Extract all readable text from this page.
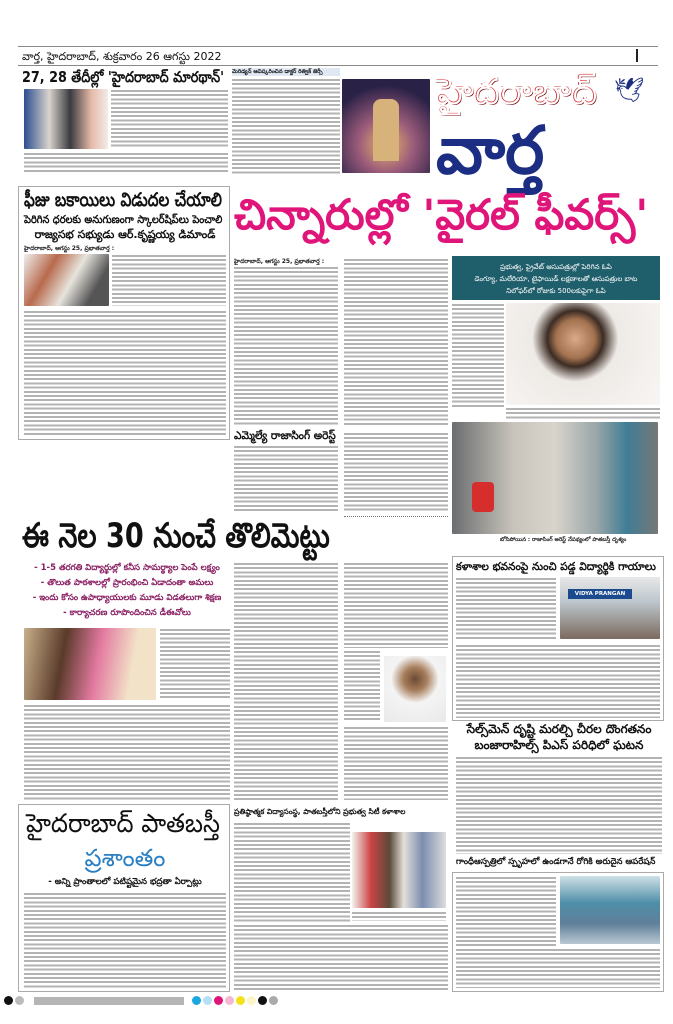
వార్త, హైదరాబాద్, శుక్రవారం 26 ఆగస్టు 2022
27, 28 తేదీల్లో 'హైదరాబాద్ మారథాన్' మెరిడ్యన్ ఆవిష్కరించిన డాక్టర్ రిత్విక్ జెర్సీ	హైదరాబాద్ 🕊
వార్త
ఫీజు బకాయిలు విడుదల చేయాలి
పెరిగిన ధరలకు అనుగుణంగా స్కాలర్‌షిప్‌లు పెంచాలి
రాజ్యసభ సభ్యుడు ఆర్.కృష్ణయ్య డిమాండ్
హైదరాబాద్, ఆగస్టు 25, ప్రభాతవార్త :
చిన్నారుల్లో 'వైరల్ ఫీవర్స్'
హైదరాబాద్, ఆగస్టు 25, ప్రభాతవార్త :
ప్రభుత్వ, ప్రైవేట్ ఆసుపత్రుల్లో పెరిగిన ఓపి
డెంగ్యూ, మలేరియా, టైఫాయిడ్ లక్షణాలతో ఆసుపత్రుల బాట
నిలోఫర్‌లో రోజుకు 500లకుపైగా ఓపి
ఎమ్మెల్యే రాజాసింగ్ అరెస్ట్
బోసిపోయిన : రాజాసింగ్ అరెస్ట్ నేపథ్యంలో పాతబస్తీ దృశ్యం
ఈ నెల 30 నుంచే తొలిమెట్టు
- 1-5 తరగతి విద్యార్థుల్లో కనీస సామర్థ్యాల పెంపే లక్ష్యం
- తొలుత పాఠశాలల్లో ప్రారంభించి ఏడాదంతా అమలు
- ఇందు కోసం ఉపాధ్యాయులకు మూడు విడతలుగా శిక్షణ
- కార్యాచరణ రూపొందించిన డీఈవోలు
కళాశాల భవనంపై నుంచి పడ్డ విద్యార్థికి గాయాలు
VIDYA PRANGAN
సేల్స్‌మెన్ దృష్టి మరల్చి చీరల దొంగతనం
బంజారాహిల్స్ పిఎస్ పరిధిలో ఘటన
హైదరాబాద్ పాతబస్తీ
ప్రశాంతం
- అన్ని ప్రాంతాలలో పటిష్టమైన భద్రతా ఏర్పాట్లు
ప్రతిష్ఠాత్మక విద్యాసంస్థ, పాతబస్తీలోని ప్రభుత్వ సిటీ కళాశాల
గాంధీఆస్పత్రిలో స్పృహలో ఉండగానే రోగికి అరుదైన ఆపరేషన్
